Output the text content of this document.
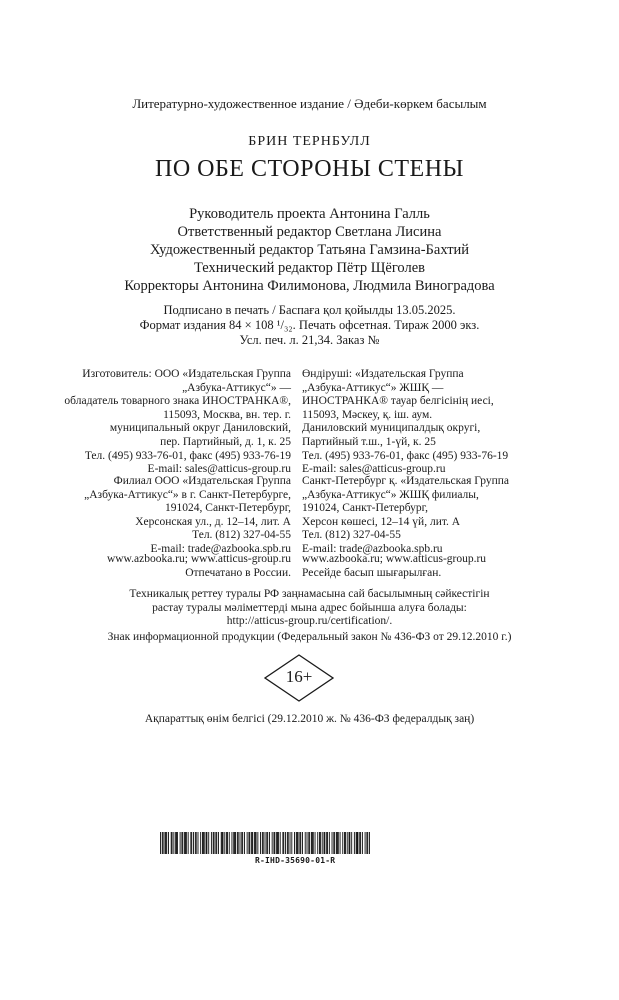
Литературно-художественное издание / Әдеби-көркем басылым
БРИН ТЕРНБУЛЛ
ПО ОБЕ СТОРОНЫ СТЕНЫ
Руководитель проекта Антонина Галль
Ответственный редактор Светлана Лисина
Художественный редактор Татьяна Гамзина-Бахтий
Технический редактор Пётр Щёголев
Корректоры Антонина Филимонова, Людмила Виноградова
Подписано в печать / Баспаға қол қойылды 13.05.2025.
Формат издания 84 × 108 ¹/₃₂. Печать офсетная. Тираж 2000 экз.
Усл. печ. л. 21,34. Заказ №
Изготовитель: ООО «Издательская Группа
„Азбука-Аттикус“» —
обладатель товарного знака ИНОСТРАНКА®,
115093, Москва, вн. тер. г.
муниципальный округ Даниловский,
пер. Партийный, д. 1, к. 25
Тел. (495) 933-76-01, факс (495) 933-76-19
E-mail: sales@atticus-group.ru
Филиал ООО «Издательская Группа
„Азбука-Аттикус“» в г. Санкт-Петербурге,
191024, Санкт-Петербург,
Херсонская ул., д. 12–14, лит. А
Тел. (812) 327-04-55
E-mail: trade@azbooka.spb.ru
www.azbooka.ru; www.atticus-group.ru
Отпечатано в России.
Өндіруші: «Издательская Группа
„Азбука-Аттикус“» ЖШҚ —
ИНОСТРАНКА® тауар белгісінің иесі,
115093, Мәскеу, қ. іш. аум.
Даниловский муниципалдық округі,
Партийный т.ш., 1-үй, к. 25
Тел. (495) 933-76-01, факс (495) 933-76-19
E-mail: sales@atticus-group.ru
Санкт-Петербург қ. «Издательская Группа
„Азбука-Аттикус“» ЖШҚ филиалы,
191024, Санкт-Петербург,
Херсон көшесі, 12–14 үй, лит. А
Тел. (812) 327-04-55
E-mail: trade@azbooka.spb.ru
www.azbooka.ru; www.atticus-group.ru
Ресейде басып шығарылған.
Техникалық реттеу туралы РФ заңнамасына сай басылымның сәйкестігін
растау туралы мәліметтерді мына адрес бойынша алуға болады:
http://atticus-group.ru/certification/.
Знак информационной продукции (Федеральный закон № 436-ФЗ от 29.12.2010 г.)
16+
Ақпараттық өнім белгісі (29.12.2010 ж. № 436-ФЗ федералдық заң)
R-IHD-35690-01-R
